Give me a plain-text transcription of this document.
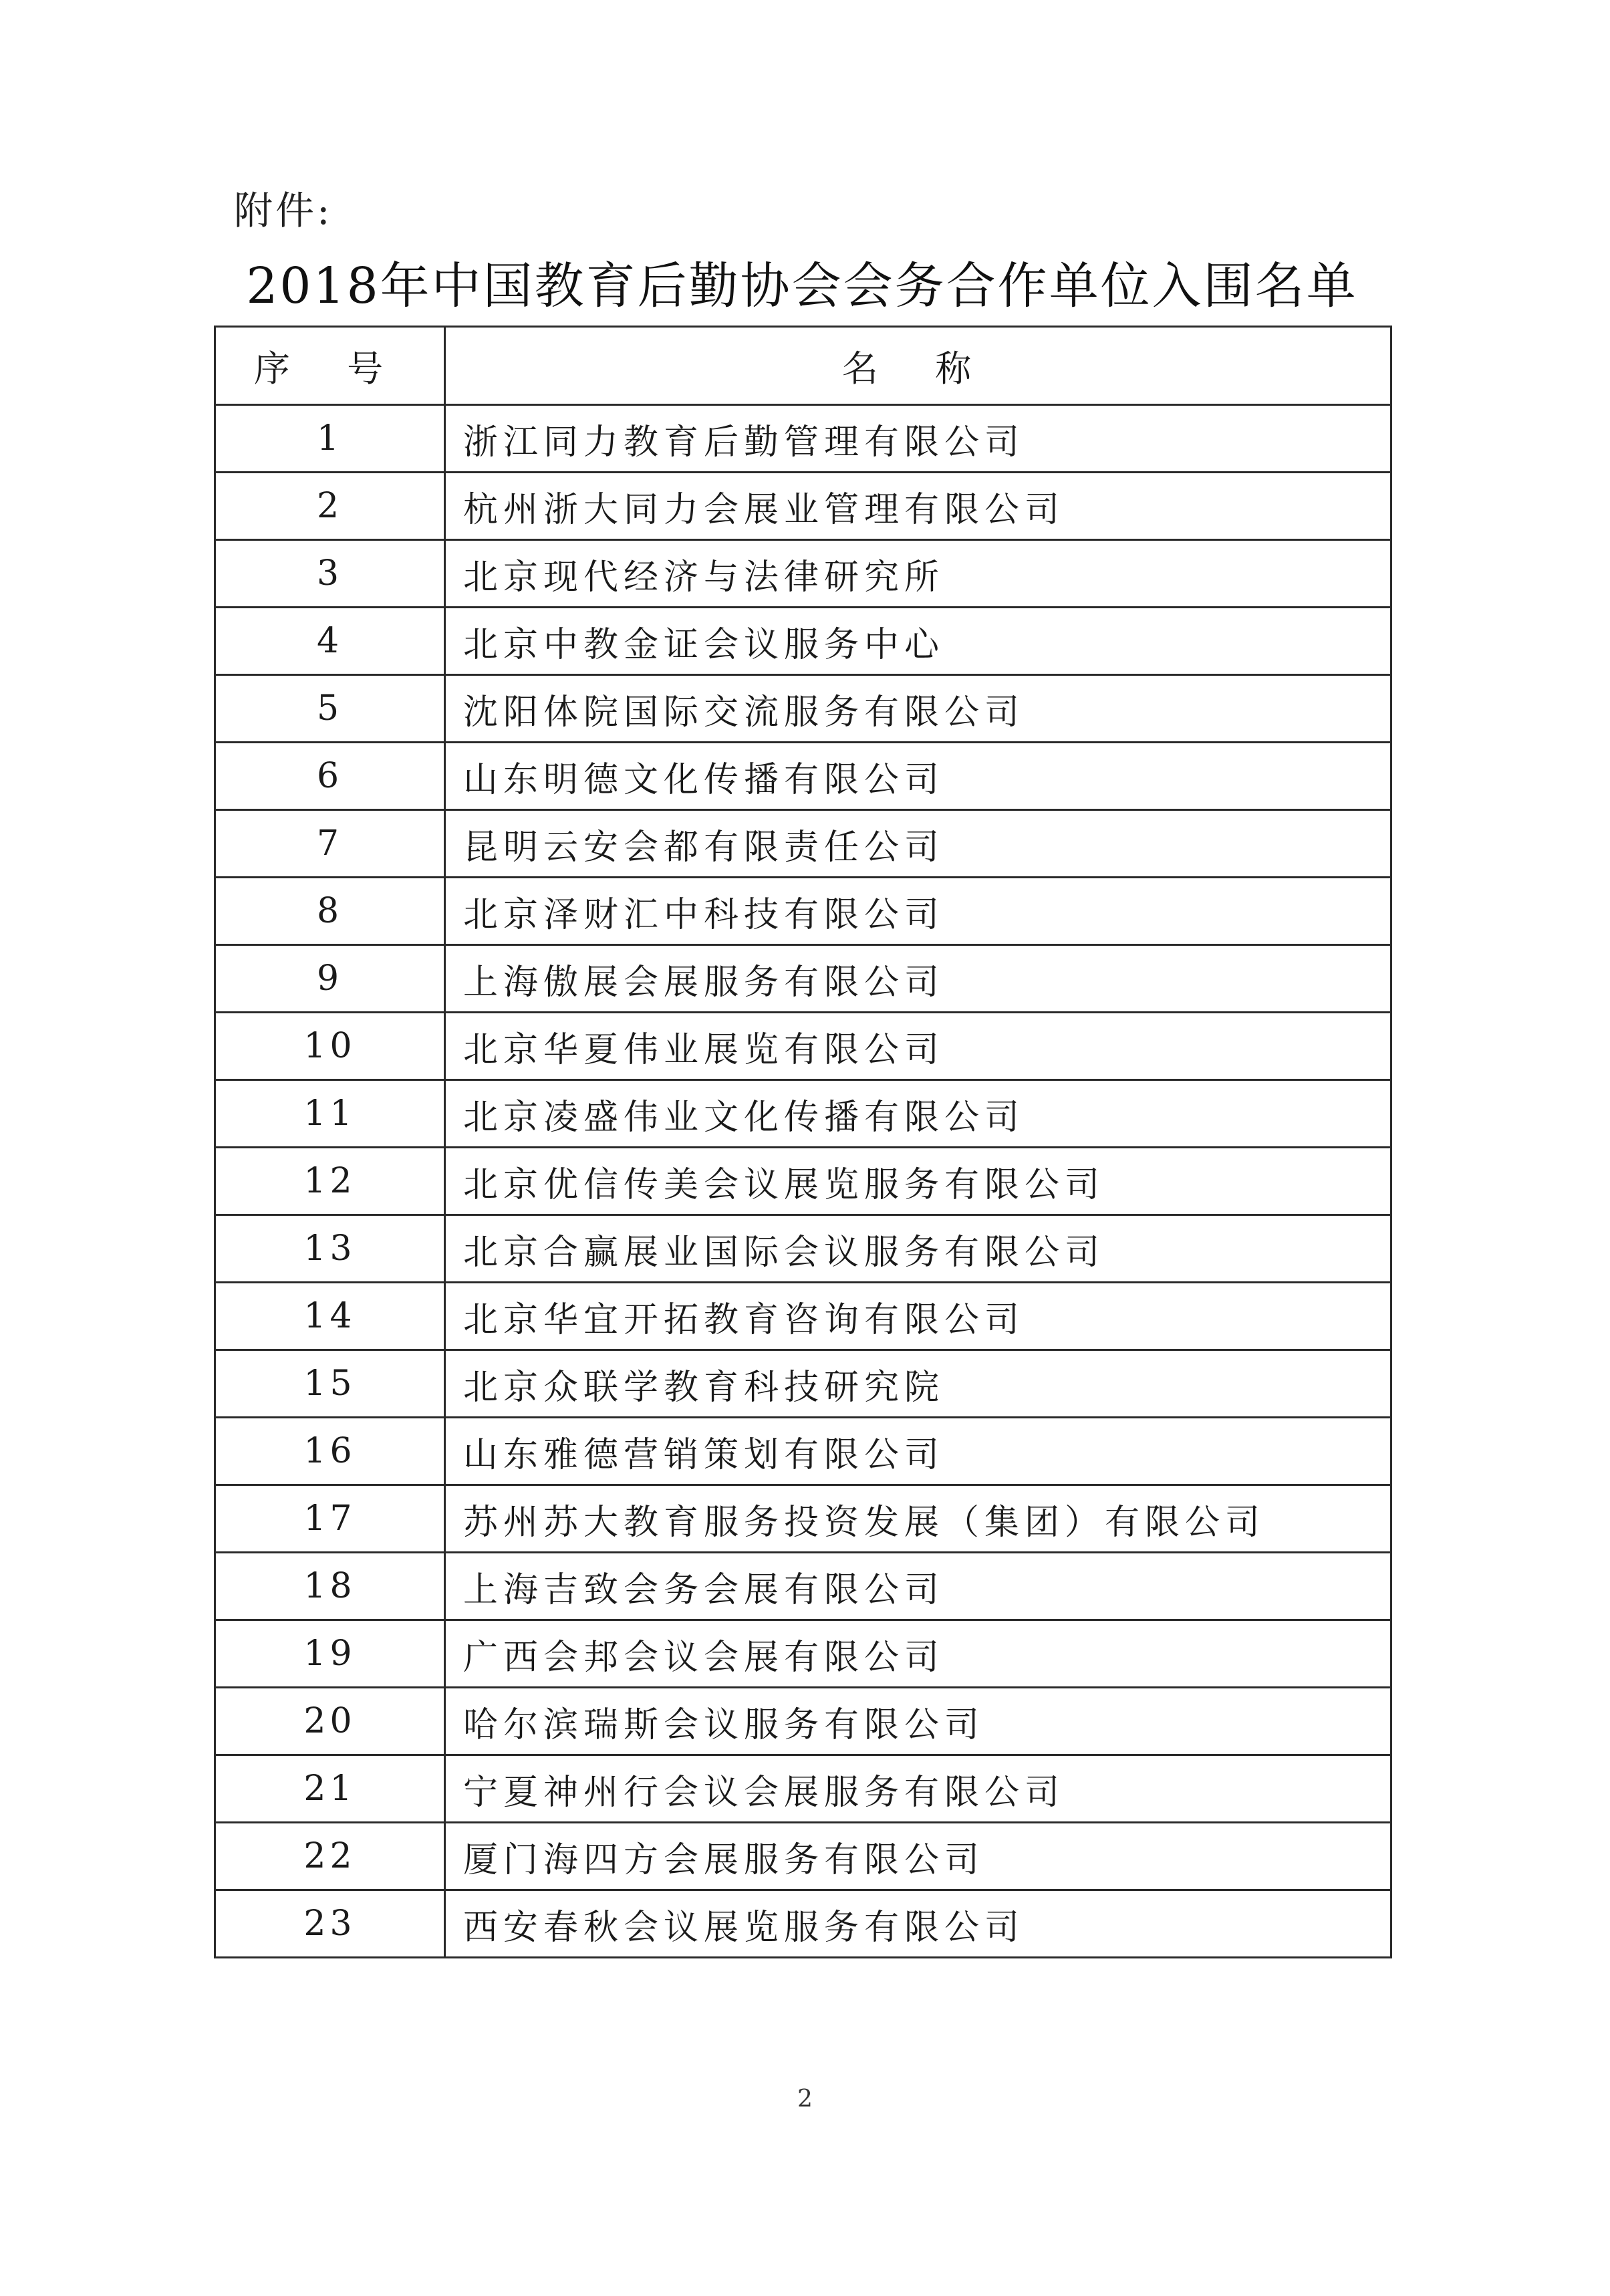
附件:
2018年中国教育后勤协会会务合作单位入围名单
序 号	名 称
1	浙江同力教育后勤管理有限公司
2	杭州浙大同力会展业管理有限公司
3	北京现代经济与法律研究所
4	北京中教金证会议服务中心
5	沈阳体院国际交流服务有限公司
6	山东明德文化传播有限公司
7	昆明云安会都有限责任公司
8	北京泽财汇中科技有限公司
9	上海傲展会展服务有限公司
10	北京华夏伟业展览有限公司
11	北京凌盛伟业文化传播有限公司
12	北京优信传美会议展览服务有限公司
13	北京合赢展业国际会议服务有限公司
14	北京华宜开拓教育咨询有限公司
15	北京众联学教育科技研究院
16	山东雅德营销策划有限公司
17	苏州苏大教育服务投资发展（集团）有限公司
18	上海吉致会务会展有限公司
19	广西会邦会议会展有限公司
20	哈尔滨瑞斯会议服务有限公司
21	宁夏神州行会议会展服务有限公司
22	厦门海四方会展服务有限公司
23	西安春秋会议展览服务有限公司
2
